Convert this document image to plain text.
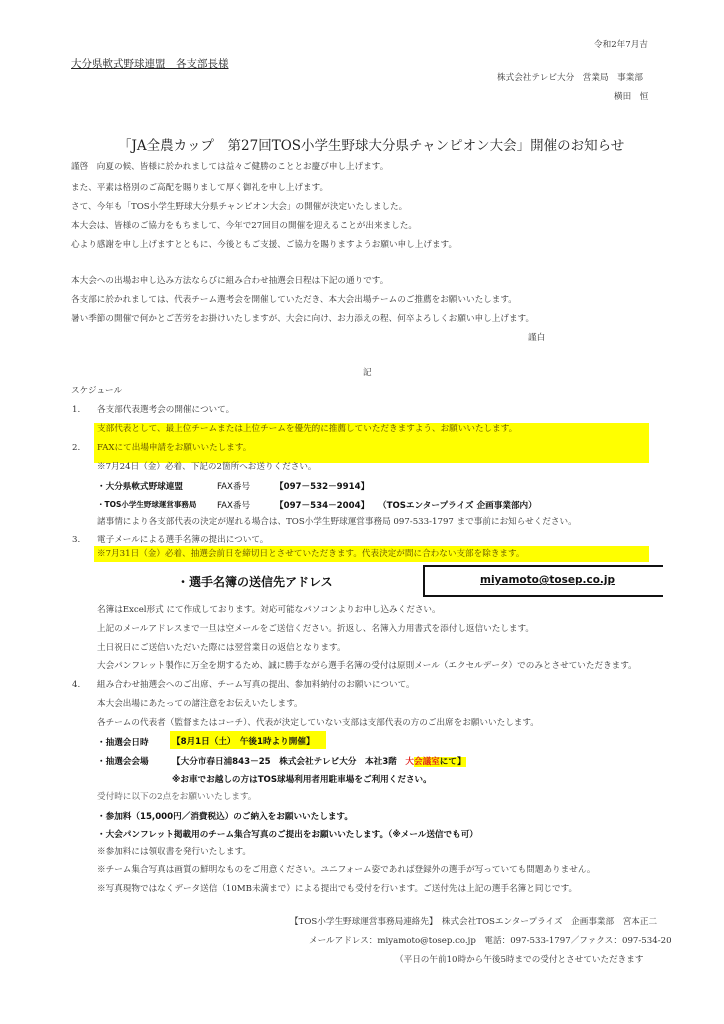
令和2年7月吉
大分県軟式野球連盟　各支部長様
株式会社テレビ大分　営業局　事業部
横田　恒
「JA全農カップ　第27回TOS小学生野球大分県チャンピオン大会」開催のお知らせ
謹啓　向夏の候、皆様に於かれましては益々ご健勝のこととお慶び申し上げます。
また、平素は格別のご高配を賜りまして厚く御礼を申し上げます。
さて、今年も「TOS小学生野球大分県チャンピオン大会」の開催が決定いたしました。
本大会は、皆様のご協力をもちまして、今年で27回目の開催を迎えることが出来ました。
心より感謝を申し上げますとともに、今後ともご支援、ご協力を賜りますようお願い申し上げます。
本大会への出場お申し込み方法ならびに組み合わせ抽選会日程は下記の通りです。
各支部に於かれましては、代表チーム選考会を開催していただき、本大会出場チームのご推薦をお願いいたします。
暑い季節の開催で何かとご苦労をお掛けいたしますが、大会に向け、お力添えの程、何卒よろしくお願い申し上げます。
謹白
記
スケジュール
1. 各支部代表選考会の開催について。
支部代表として、最上位チームまたは上位チームを優先的に推薦していただきますよう、お願いいたします。
2. FAXにて出場申請をお願いいたします。
※7月24日（金）必着、下記の2箇所へお送りください。
・大分県軟式野球連盟	FAX番号	【097－532－9914】
・TOS小学生野球運営事務局 FAX番号	【097－534－2004】 （TOSエンタープライズ 企画事業部内）
諸事情により各支部代表の決定が遅れる場合は、TOS小学生野球運営事務局 097-533-1797 まで事前にお知らせください。
3. 電子メールによる選手名簿の提出について。
※7月31日（金）必着、抽選会前日を締切日とさせていただきます。代表決定が間に合わない支部を除きます。
・選手名簿の送信先アドレス	miyamoto@tosep.co.jp
名簿はExcel形式 にて作成しております。対応可能なパソコンよりお申し込みください。
上記のメールアドレスまで一旦は空メールをご送信ください。折返し、名簿入力用書式を添付し返信いたします。
土日祝日にご送信いただいた際には翌営業日の返信となります。
大会パンフレット製作に万全を期するため、誠に勝手ながら選手名簿の受付は原則メール（エクセルデータ）でのみとさせていただきます。
4. 組み合わせ抽選会へのご出席、チーム写真の提出、参加料納付のお願いについて。
本大会出場にあたっての諸注意をお伝えいたします。
各チームの代表者（監督またはコーチ）、代表が決定していない支部は支部代表の方のご出席をお願いいたします。
・抽選会日時	【8月1日（土）　午後1時より開催】
・抽選会会場	【大分市春日浦843－25　株式会社テレビ大分　本社3階　大会議室にて】
※お車でお越しの方はTOS球場利用者用駐車場をご利用ください。
受付時に以下の2点をお願いいたします。
・参加料（15,000円／消費税込）のご納入をお願いいたします。
・大会パンフレット掲載用のチーム集合写真のご提出をお願いいたします。（※メール送信でも可）
※参加料には領収書を発行いたします。
※チーム集合写真は画質の鮮明なものをご用意ください。ユニフォーム姿であれば登録外の選手が写っていても問題ありません。
※写真現物ではなくデータ送信（10MB未満まで）による提出でも受付を行います。ご送付先は上記の選手名簿と同じです。
【TOS小学生野球運営事務局連絡先】　株式会社TOSエンタープライズ　企画事業部　宮本正二
メールアドレス：miyamoto@tosep.co.jp　電話：097-533-1797／ファクス：097-534-20
（平日の午前10時から午後5時までの受付とさせていただきます
